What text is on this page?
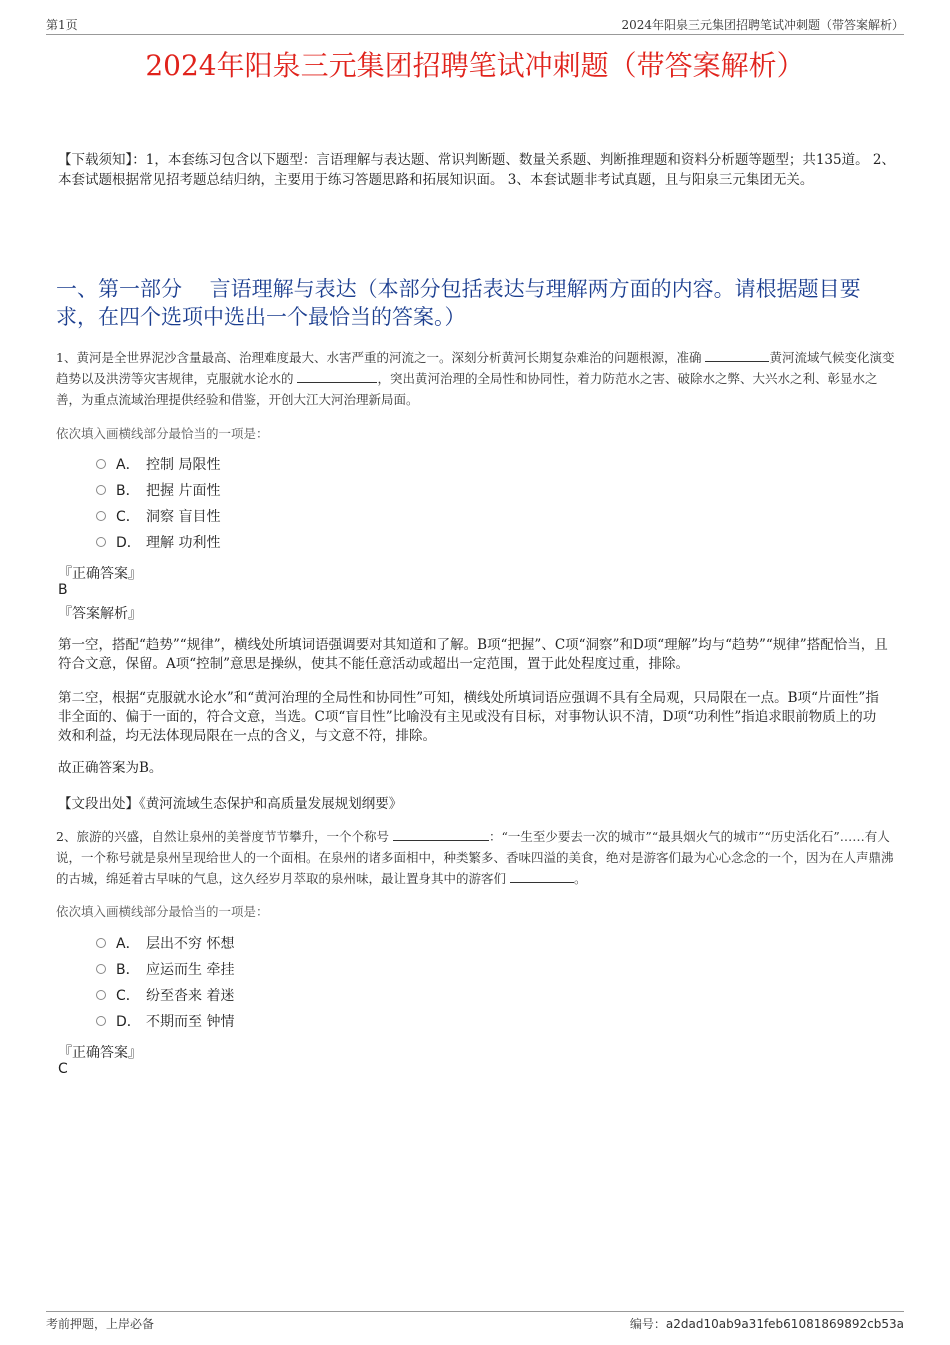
第1页	2024年阳泉三元集团招聘笔试冲刺题（带答案解析）
2024年阳泉三元集团招聘笔试冲刺题（带答案解析）
【下载须知】：1，本套练习包含以下题型：言语理解与表达题、常识判断题、数量关系题、判断推理题和资料分析题等题型；共135道。 2、本套试题根据常见招考题总结归纳，主要用于练习答题思路和拓展知识面。 3、本套试题非考试真题，且与阳泉三元集团无关。
一、第一部分　 言语理解与表达（本部分包括表达与理解两方面的内容。请根据题目要求，在四个选项中选出一个最恰当的答案。）
1、黄河是全世界泥沙含量最高、治理难度最大、水害严重的河流之一。深刻分析黄河长期复杂难治的问题根源，准确	黄河流域气候变化演变趋势以及洪涝等灾害规律，克服就水论水的	，突出黄河治理的全局性和协同性，着力防范水之害、破除水之弊、大兴水之利、彰显水之善，为重点流域治理提供经验和借鉴，开创大江大河治理新局面。
依次填入画横线部分最恰当的一项是：
A． 控制 局限性
B． 把握 片面性
C． 洞察 盲目性
D． 理解 功利性
『正确答案』
B
『答案解析』
第一空，搭配“趋势”“规律”，横线处所填词语强调要对其知道和了解。B项“把握”、C项“洞察”和D项“理解”均与“趋势”“规律”搭配恰当，且符合文意，保留。A项“控制”意思是操纵，使其不能任意活动或超出一定范围，置于此处程度过重，排除。
第二空，根据“克服就水论水”和“黄河治理的全局性和协同性”可知，横线处所填词语应强调不具有全局观，只局限在一点。B项“片面性”指非全面的、偏于一面的，符合文意，当选。C项“盲目性”比喻没有主见或没有目标，对事物认识不清，D项“功利性”指追求眼前物质上的功效和利益，均无法体现局限在一点的含义，与文意不符，排除。
故正确答案为B。
【文段出处】《黄河流域生态保护和高质量发展规划纲要》
2、旅游的兴盛，自然让泉州的美誉度节节攀升，一个个称号	：“一生至少要去一次的城市”“最具烟火气的城市”“历史活化石”……有人说，一个称号就是泉州呈现给世人的一个面相。在泉州的诸多面相中，种类繁多、香味四溢的美食，绝对是游客们最为心心念念的一个，因为在人声鼎沸的古城，绵延着古早味的气息，这久经岁月萃取的泉州味，最让置身其中的游客们	。
依次填入画横线部分最恰当的一项是：
A． 层出不穷 怀想
B． 应运而生 牵挂
C． 纷至沓来 着迷
D． 不期而至 钟情
『正确答案』
C
考前押题，上岸必备	编号：a2dad10ab9a31feb61081869892cb53a
